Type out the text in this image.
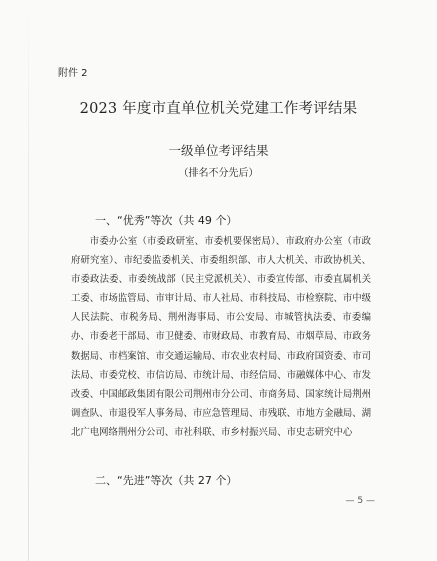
附件 2
2023 年度市直单位机关党建工作考评结果
一级单位考评结果
（排名不分先后）
一、“优秀”等次（共 49 个）

市委办公室（市委政研室、市委机要保密局）、市政府办公室（市政府研究室）、市纪委监委机关、市委组织部、市人大机关、市政协机关、市委政法委、市委统战部（民主党派机关）、市委宣传部、市委直属机关工委、市场监管局、市审计局、市人社局、市科技局、市检察院、市中级人民法院、市税务局、荆州海事局、市公安局、市城管执法委、市委编办、市委老干部局、市卫健委、市财政局、市教育局、市烟草局、市政务数据局、市档案馆、市交通运输局、市农业农村局、市政府国资委、市司法局、市委党校、市信访局、市统计局、市经信局、市融媒体中心、市发改委、中国邮政集团有限公司荆州市分公司、市商务局、国家统计局荆州调查队、市退役军人事务局、市应急管理局、市残联、市地方金融局、湖北广电网络荆州分公司、市社科联、市乡村振兴局、市史志研究中心

二、“先进”等次（共 27 个）
— 5 —
